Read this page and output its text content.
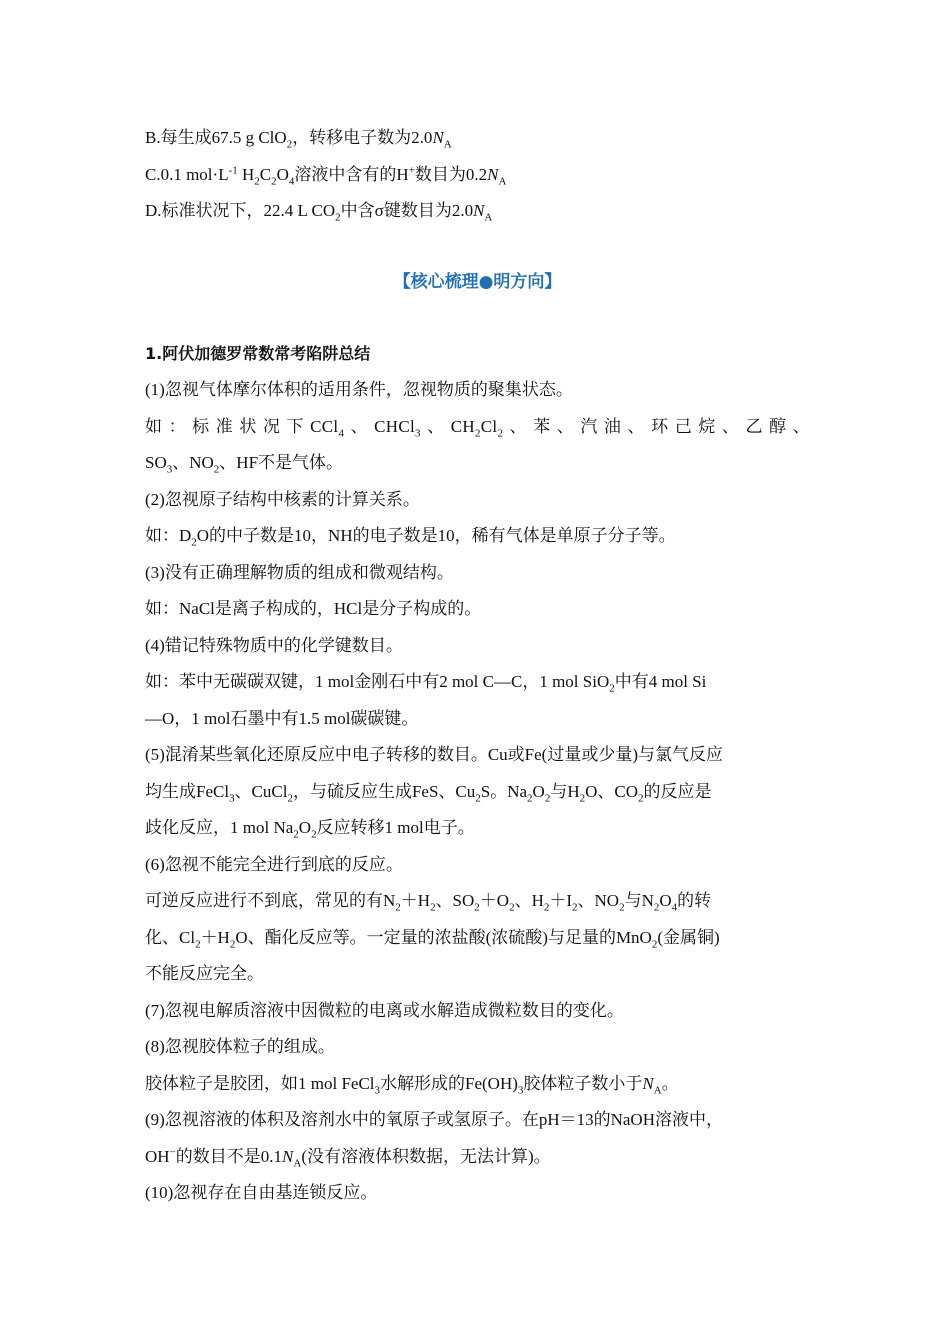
B.每生成67.5 g ClO$_2$，转移电子数为$2.0N_A$
C.0.1 $mol\cdot L^{-1}$ $H_2C_2O_4$溶液中含有的H+数目为$0.2N_A$
D.标准状况下，22.4 L $CO_2$中含σ键数目为$2.0N_A$
【核心梳理●明方向】
1.阿伏加德罗常数常考陷阱总结
(1)忽视气体摩尔体积的适用条件，忽视物质的聚集状态。
如：标准状况下CCl$_4$、CHCl$_3$、$CH_2Cl_2$、苯、汽油、环己烷、乙醇、
$SO_3$、$NO_2$、HF不是气体。
(2)忽视原子结构中核素的计算关系。
如：$D_2O$的中子数是10，NH的电子数是10，稀有气体是单原子分子等。
(3)没有正确理解物质的组成和微观结构。
如：NaCl是离子构成的，HCl是分子构成的。
(4)错记特殊物质中的化学键数目。
如：苯中无碳碳双键，1 mol金刚石中有2 mol C—C，1 mol SiO$_2$中有4 mol Si
—O，1 mol石墨中有1.5 mol碳碳键。
(5)混淆某些氧化还原反应中电子转移的数目。Cu或Fe(过量或少量)与氯气反应
均生成FeCl$_3$、CuCl$_2$，与硫反应生成FeS、$Cu_2S$。$Na_2O_2$与$H_2O$、$CO_2$的反应是
歧化反应，1 mol $Na_2O_2$反应转移1 mol电子。
(6)忽视不能完全进行到底的反应。
可逆反应进行不到底，常见的有$N_2+H_2$、$SO_2+O_2$、$H_2+I_2$、$NO_2$与$N_2O_4$的转
化、$Cl_2+H_2O$、酯化反应等。一定量的浓盐酸(浓硫酸)与足量的MnO$_2$(金属铜)
不能反应完全。
(7)忽视电解质溶液中因微粒的电离或水解造成微粒数目的变化。
(8)忽视胶体粒子的组成。
胶体粒子是胶团，如1 mol FeCl$_3$水解形成的$Fe(OH)_3$胶体粒子数小于$N_A$。
(9)忽视溶液的体积及溶剂水中的氧原子或氢原子。在pH＝13的NaOH溶液中，
OH−的数目不是$0.1N_A$(没有溶液体积数据，无法计算)。
(10)忽视存在自由基连锁反应。
